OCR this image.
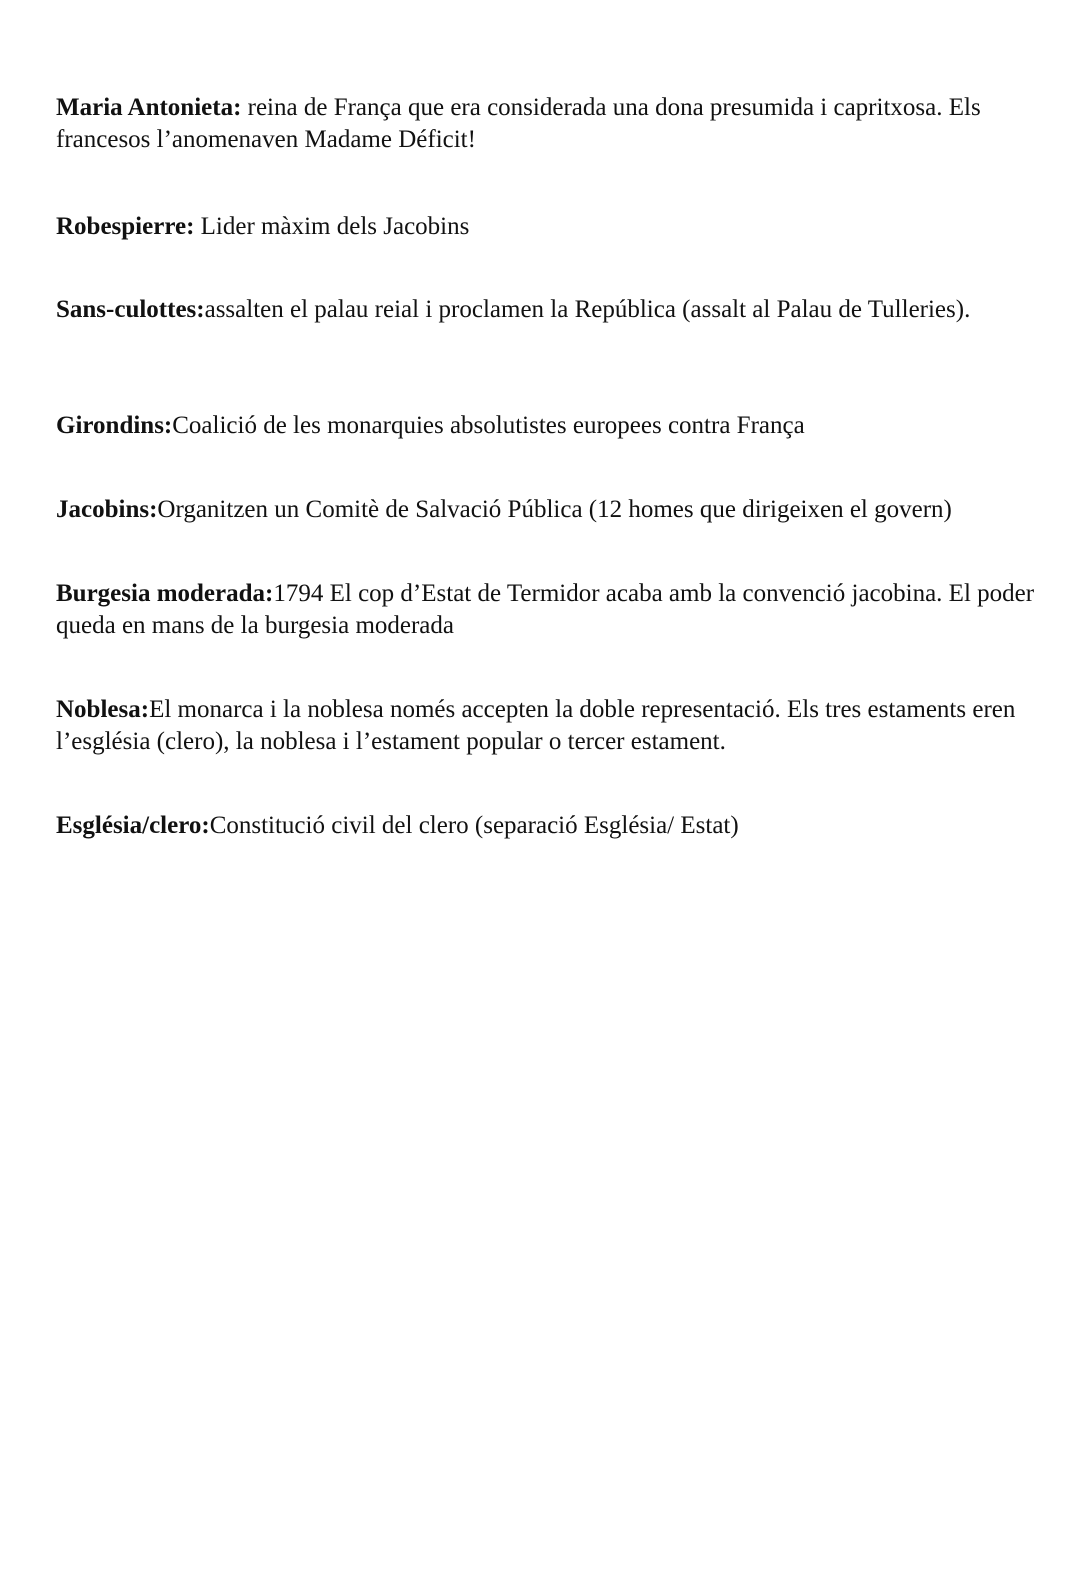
Maria Antonieta: reina de França que era considerada una dona presumida i capritxosa. Els francesos l’anomenaven Madame Déficit!

Robespierre: Lider màxim dels Jacobins

Sans-culottes:assalten el palau reial i proclamen la República (assalt al Palau de Tulleries).

Girondins:Coalició de les monarquies absolutistes europees contra França

Jacobins:Organitzen un Comitè de Salvació Pública (12 homes que dirigeixen el govern)

Burgesia moderada:1794 El cop d’Estat de Termidor acaba amb la convenció jacobina. El poder queda en mans de la burgesia moderada

Noblesa:El monarca i la noblesa només accepten la doble representació. Els tres estaments eren l’església (clero), la noblesa i l’estament popular o tercer estament.

Església/clero:Constitució civil del clero (separació Església/ Estat)
